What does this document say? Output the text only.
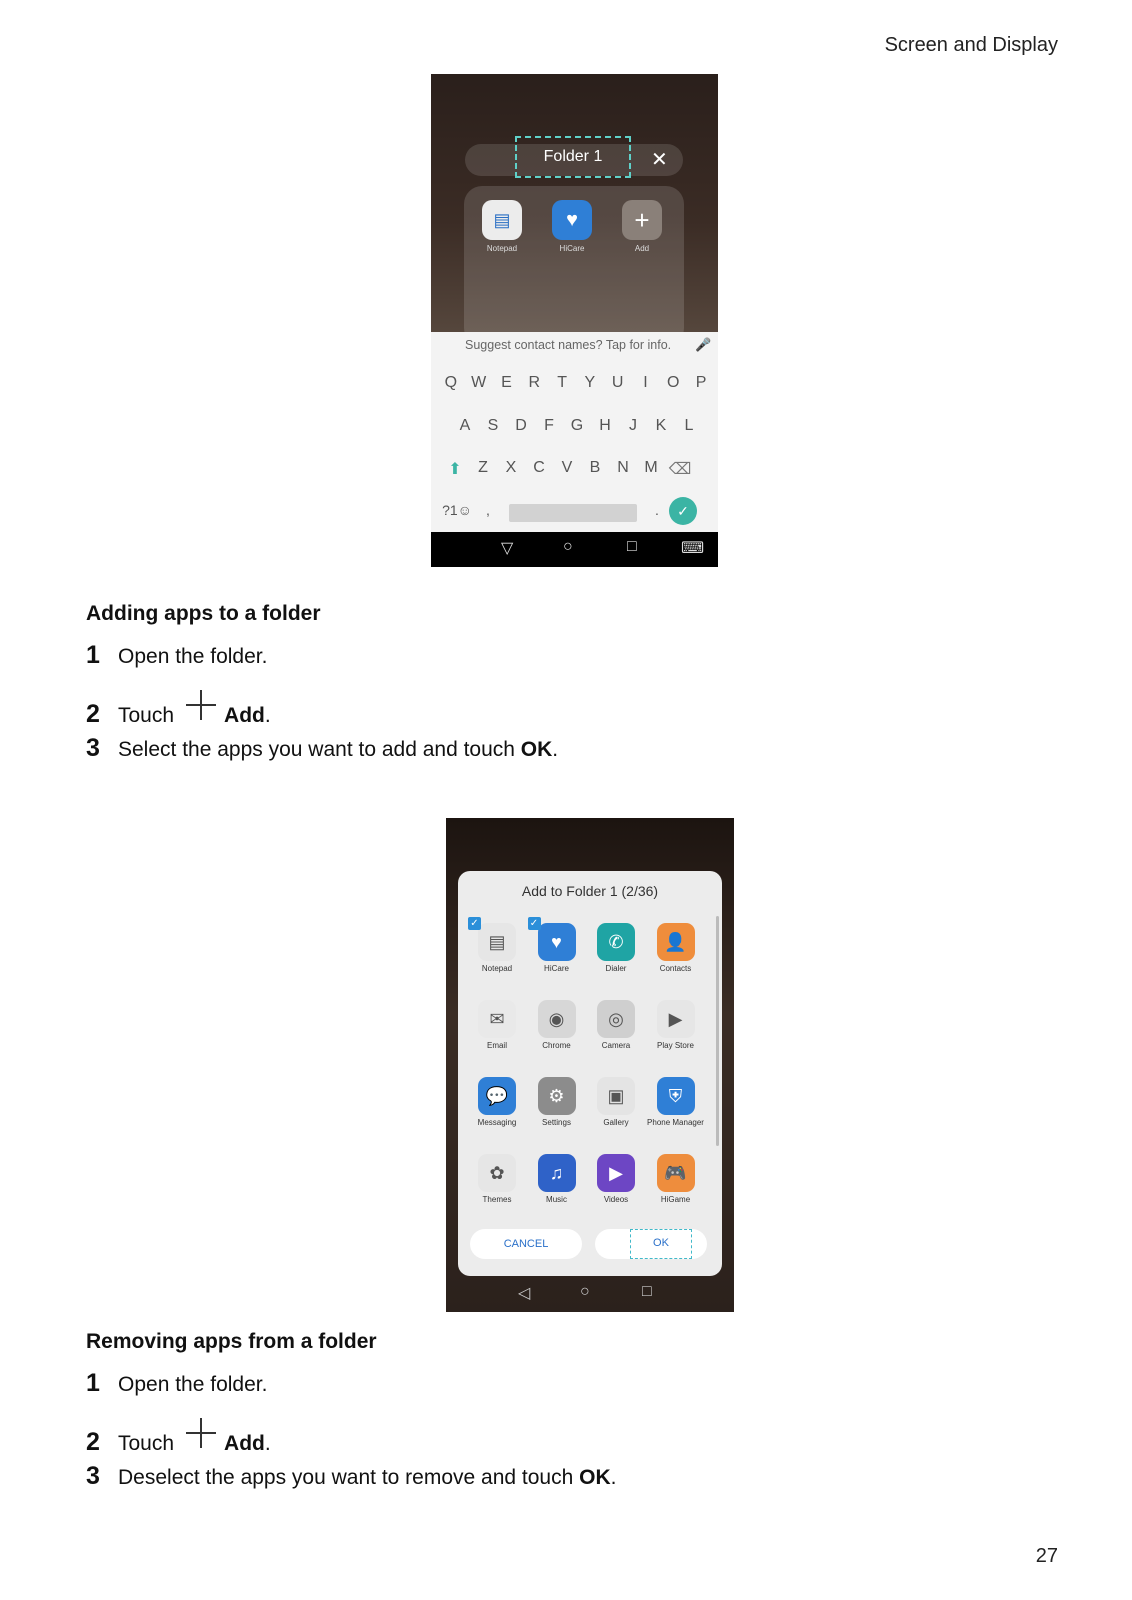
Screen and Display
Folder 1	✕
▤
Notepad
♥
HiCare
+
Add
Suggest contact names? Tap for info. 🎤
Q W E	R	T	Y	U	I	O	P
A	S	D	F	G	H	J	K	L
⬆	Z	X	C	V	B	N M ⌫
?1☺	,	.	✓
▽	○	□	⌨
Adding apps to a folder
1 Open the folder.
2 Touch Add .
3 Select the apps you want to add and touch OK .
Add to Folder 1 (2/36)
▤
Notepad
✓
♥
HiCare
✓
✆
Dialer
👤
Contacts
✉
Email
◉
Chrome
◎
Camera
▶
Play Store
💬
Messaging
⚙
Settings
▣
Gallery
⛨
Phone Manager
✿
Themes
♫
Music
▶
Videos
🎮
HiGame
CANCEL	OK
◁	○	□
Removing apps from a folder
1 Open the folder.
2 Touch Add .
3 Deselect the apps you want to remove and touch OK .
27
